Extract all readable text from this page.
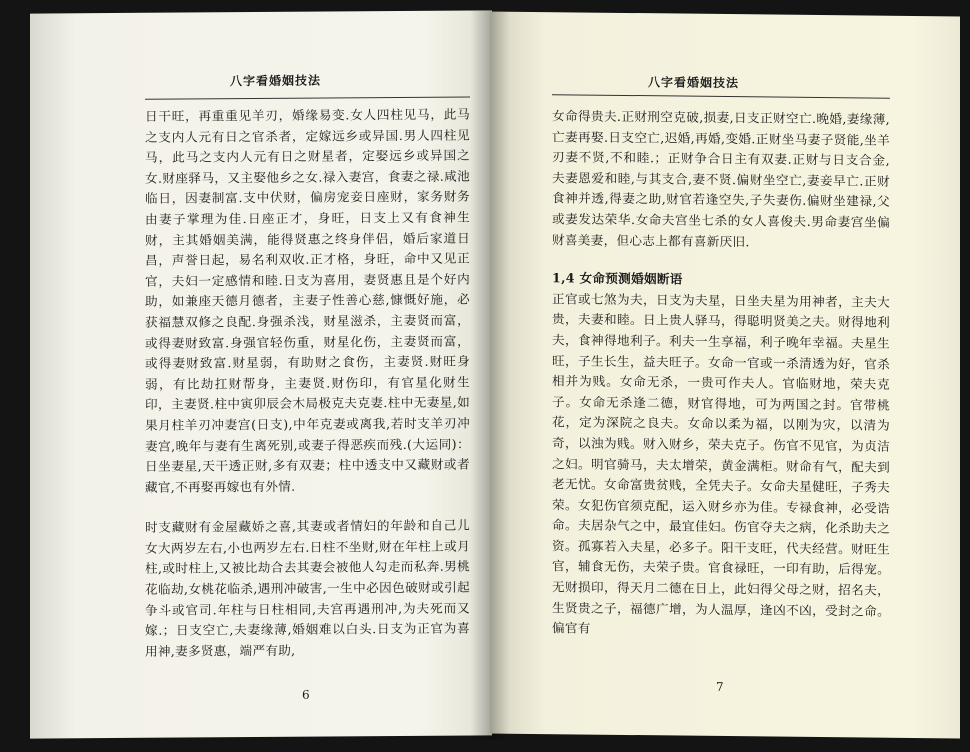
八字看婚姻技法

日干旺，再重重见羊刃，婚缘易变.女人四柱见马，此马之支内人元有日之官杀者，定嫁远乡或异国.男人四柱见马，此马之支内人元有日之财星者，定娶远乡或异国之女.财座驿马，又主娶他乡之女.禄入妻宫，食妻之禄.咸池临日，因妻制富.支中伏财，偏房宠妾日座财，家务财务由妻子掌理为佳.日座正才，身旺，日支上又有食神生财，主其婚姻美满，能得贤惠之终身伴侣，婚后家道日昌，声誉日起，易名利双收.正才格，身旺，命中又见正官，夫妇一定感情和睦.日支为喜用，妻贤惠且是个好内助，如兼座天德月德者，主妻子性善心慈,慷慨好施，必获福慧双修之良配.身强杀浅，财星滋杀，主妻贤而富，或得妻财致富.身强官轻伤重，财星化伤，主妻贤而富，或得妻财致富.财星弱，有助财之食伤，主妻贤.财旺身弱，有比劫扛财帮身，主妻贤.财伤印，有官星化财生印，主妻贤.柱中寅卯辰会木局极克夫克妻.柱中无妻星,如果月柱羊刃冲妻宫(日支),中年克妻或离我,若时支羊刃冲妻宫,晚年与妻有生离死别,或妻子得恶疾而残.(大运同)：日坐妻星,天干透正财,多有双妻；柱中透支中又藏财或者藏官,不再娶再嫁也有外情.

时支藏财有金屋藏娇之喜,其妻或者情妇的年龄和自己儿女大两岁左右,小也两岁左右.日柱不坐财,财在年柱上或月柱,或时柱上,又被比劫合去其妻会被他人勾走而私奔.男桃花临劫,女桃花临杀,遇刑冲破害,一生中必因色破财或引起争斗或官司.年柱与日柱相同,夫宫再遇刑冲,为夫死而又嫁.；日支空亡,夫妻缘薄,婚姻难以白头.日支为正官为喜用神,妻多贤惠，端严有助,

6
八字看婚姻技法

女命得贵夫.正财刑空克破,损妻,日支正财空亡.晚婚,妻缘薄,亡妻再娶.日支空亡,迟婚,再婚,变婚.正财坐马妻子贤能,坐羊刃妻不贤,不和睦.；正财争合日主有双妻.正财与日支合金,夫妻恩爱和睦,与其支合,妻不贤.偏财坐空亡,妻妾早亡.正财食神并透,得妻之助,财官若逢空失,子失妻伤.偏财坐建禄,父或妻发达荣华.女命夫宫坐七杀的女人喜俊夫.男命妻宫坐偏财喜美妻，但心志上都有喜新厌旧.

1,4 女命预测婚姻断语

正官或七煞为夫，日支为夫星，日坐夫星为用神者，主夫大贵，夫妻和睦。日上贵人驿马，得聪明贤美之夫。财得地利夫，食神得地利子。利夫一生享福，利子晚年幸福。夫星生旺，子生长生，益夫旺子。女命一官或一杀清透为好，官杀相并为贱。女命无杀，一贵可作夫人。官临财地，荣夫克子。女命无杀逢二德，财官得地，可为两国之封。官带桃花，定为深院之良夫。女命以柔为福，以刚为灾，以清为奇，以浊为贱。财入财乡，荣夫克子。伤官不见官，为贞洁之妇。明官骑马，夫太增荣，黄金满柜。财命有气，配夫到老无忧。女命富贵贫贱，全凭夫子。女命夫星健旺，子秀夫荣。女犯伤官须克配，运入财乡亦为佳。专禄食神，必受诰命。夫居杂气之中，最宜佳妇。伤官夺夫之病，化杀助夫之资。孤寡若入夫星，必多子。阳干支旺，代夫经营。财旺生官，辅食无伤，夫荣子贵。官食禄旺，一印有助，后得宠。无财损印，得天月二德在日上，此妇得父母之财，招名夫，生贤贵之子，福德广增，为人温厚，逢凶不凶，受封之命。偏官有

7
